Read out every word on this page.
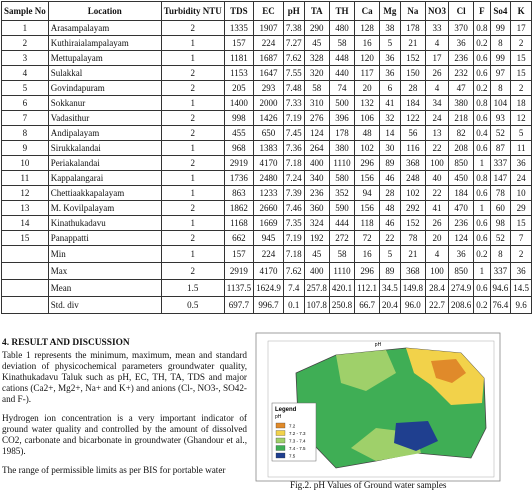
Sample No	Location	Turbidity NTU	TDS	EC	pH	TA	TH	Ca	Mg	Na	NO3	Cl	F	So4	K
1	Arasampalayam	2	1335	1907	7.38	290	480	128	38	178	33	370	0.8	99	17
2	Kuthiraialampalayam	1	157	224	7.27	45	58	16	5	21	4	36	0.2	8	2
3	Mettupalayam	1	1181	1687	7.62	328	448	120	36	152	17	236	0.6	99	15
4	Sulakkal	2	1153	1647	7.55	320	440	117	36	150	26	232	0.6	97	15
5	Govindapuram	2	205	293	7.48	58	74	20	6	28	4	47	0.2	8	2
6	Sokkanur	1	1400	2000	7.33	310	500	132	41	184	34	380	0.8	104	18
7	Vadasithur	2	998	1426	7.19	276	396	106	32	122	24	218	0.6	93	12
8	Andipalayam	2	455	650	7.45	124	178	48	14	56	13	82	0.4	52	5
9	Sirukkalandai	1	968	1383	7.36	264	380	102	30	116	22	208	0.6	87	11
10	Periakalandai	2	2919	4170	7.18	400	1110	296	89	368	100	850	1	337	36
11	Kappalangarai	1	1736	2480	7.24	340	580	156	46	248	40	450	0.8	147	24
12	Chettiaakkapalayam	1	863	1233	7.39	236	352	94	28	102	22	184	0.6	78	10
13	M. Kovilpalayam	2	1862	2660	7.46	360	590	156	48	292	41	470	1	60	29
14	Kinathukadavu	1	1168	1669	7.35	324	444	118	46	152	26	236	0.6	98	15
15	Panappatti	2	662	945	7.19	192	272	72	22	78	20	124	0.6	52	7
	Min	1	157	224	7.18	45	58	16	5	21	4	36	0.2	8	2
	Max	2	2919	4170	7.62	400	1110	296	89	368	100	850	1	337	36
	Mean	1.5	1137.5	1624.9	7.4	257.8	420.1	112.1	34.5	149.8	28.4	274.9	0.6	94.6	14.5
	Std. div	0.5	697.7	996.7	0.1	107.8	250.8	66.7	20.4	96.0	22.7	208.6	0.2	76.4	9.6
4. RESULT AND DISCUSSION

Table 1 represents the minimum, maximum, mean and standard deviation of physicochemical parameters groundwater quality, Kinathukadavu Taluk such as pH, EC, TH, TA, TDS and major cations (Ca2+, Mg2+, Na+ and K+) and anions (Cl-, NO3-, SO42- and F-).

Hydrogen ion concentration is a very important indicator of ground water quality and controlled by the amount of dissolved CO2, carbonate and bicarbonate in groundwater (Ghandour et al., 1985).

The range of permissible limits as per BIS for portable water

pH
Legend
pH
7.2
7.2 - 7.3
7.3 - 7.4
7.4 - 7.5
7.5
Fig.2. pH Values of Ground water samples
